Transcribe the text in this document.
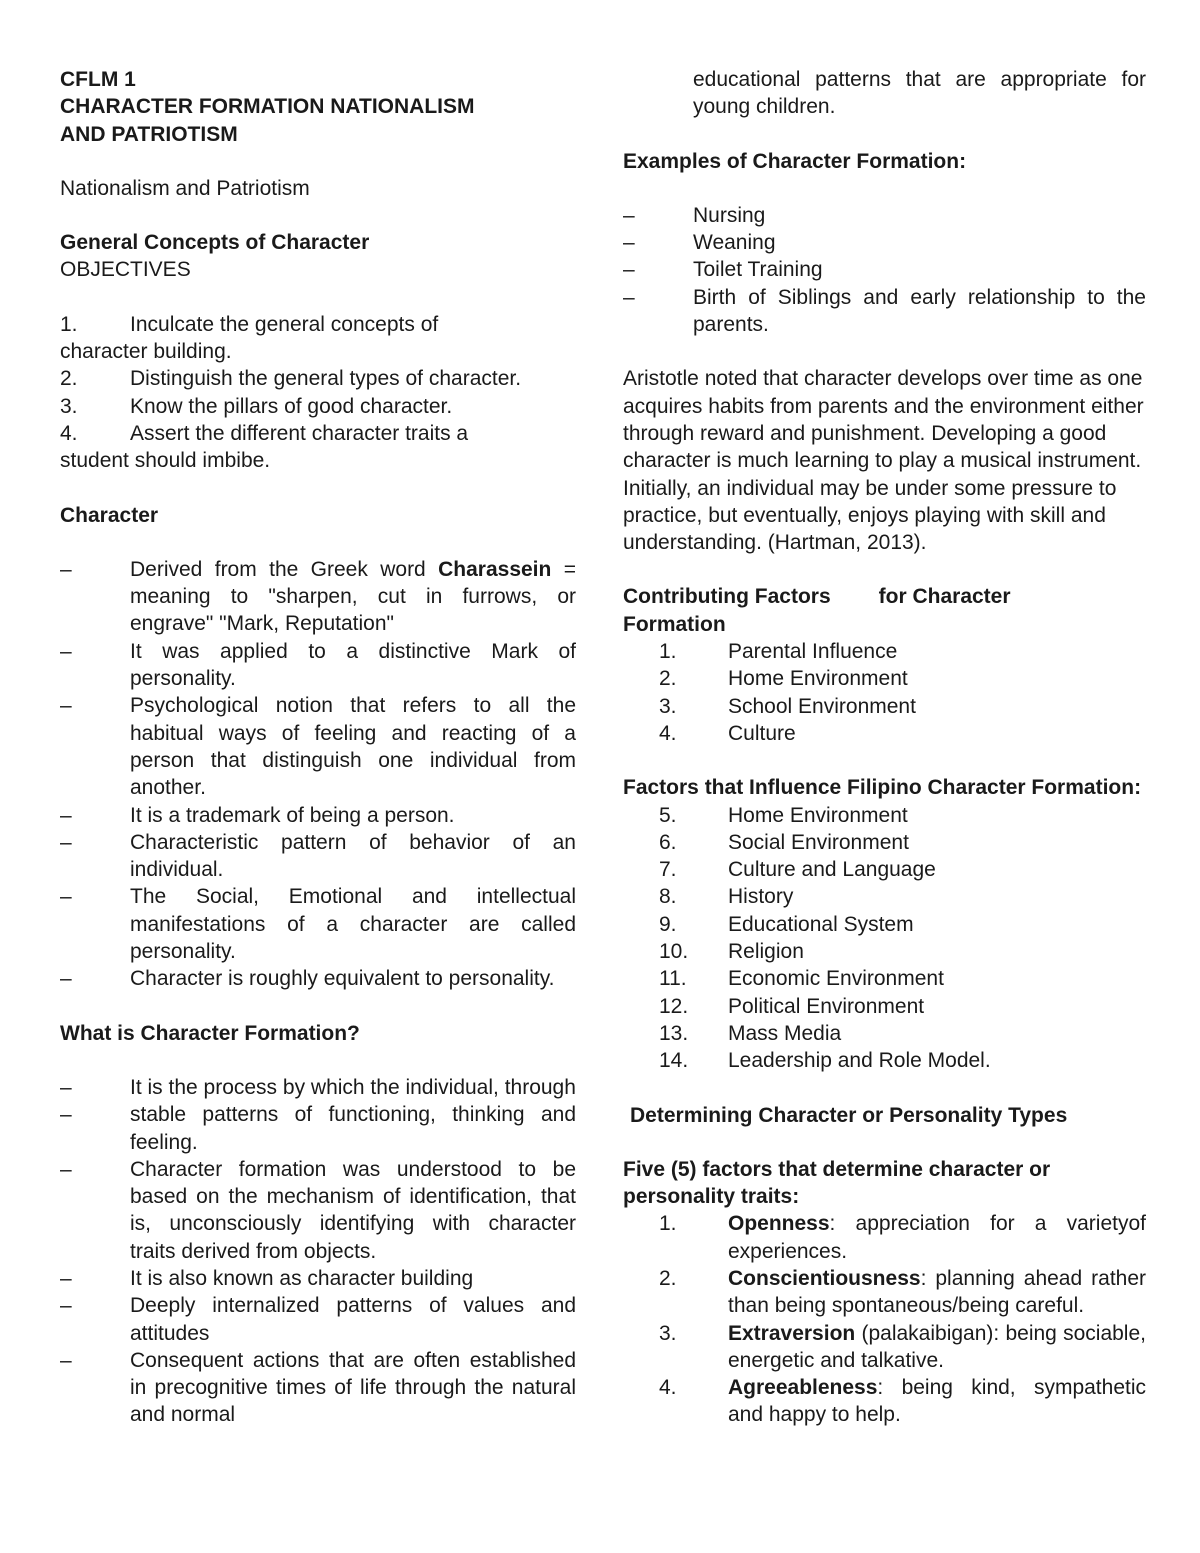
CFLM 1
CHARACTER FORMATION NATIONALISM
AND PATRIOTISM
Nationalism and Patriotism
General Concepts of Character
OBJECTIVES
1. Inculcate the general concepts of
character building.
2. Distinguish the general types of character.
3. Know the pillars of good character.
4. Assert the different character traits a
student should imbibe.
Character
–	Derived from the Greek word Charassein = meaning to "sharpen, cut in furrows, or engrave" "Mark, Reputation"
–	It was applied to a distinctive Mark of personality.
–	Psychological notion that refers to all the habitual ways of feeling and reacting of a person that distinguish one individual from another.
–	It is a trademark of being a person.
–	Characteristic pattern of behavior of an individual.
–	The Social, Emotional and intellectual manifestations of a character are called personality.
–	Character is roughly equivalent to personality.
What is Character Formation?
–	It is the process by which the individual, through
–	stable patterns of functioning, thinking and feeling.
–	Character formation was understood to be based on the mechanism of identification, that is, unconsciously identifying with character traits derived from objects.
–	It is also known as character building
–	Deeply internalized patterns of values and attitudes
–	Consequent actions that are often established in precognitive times of life through the natural and normal
educational patterns that are appropriate for young children.
Examples of Character Formation:
–	Nursing
–	Weaning
–	Toilet Training
–	Birth of Siblings and early relationship to the parents.

Aristotle noted that character develops over time as one acquires habits from parents and the environment either through reward and punishment. Developing a good character is much learning to play a musical instrument. Initially, an individual may be under some pressure to practice, but eventually, enjoys playing with skill and understanding. (Hartman, 2013).

Contributing Factors for Character
Formation
1. Parental Influence
2. Home Environment
3. School Environment
4. Culture
Factors that Influence Filipino Character Formation:
5. Home Environment
6. Social Environment
7. Culture and Language
8. History
9. Educational System
10. Religion
11. Economic Environment
12. Political Environment
13. Mass Media
14. Leadership and Role Model.
Determining Character or Personality Types
Five (5) factors that determine character or personality traits:
1. Openness: appreciation for a varietyof experiences.
2. Conscientiousness: planning ahead rather than being spontaneous/being careful.
3. Extraversion (palakaibigan): being sociable, energetic and talkative.
4. Agreeableness: being kind, sympathetic and happy to help.
